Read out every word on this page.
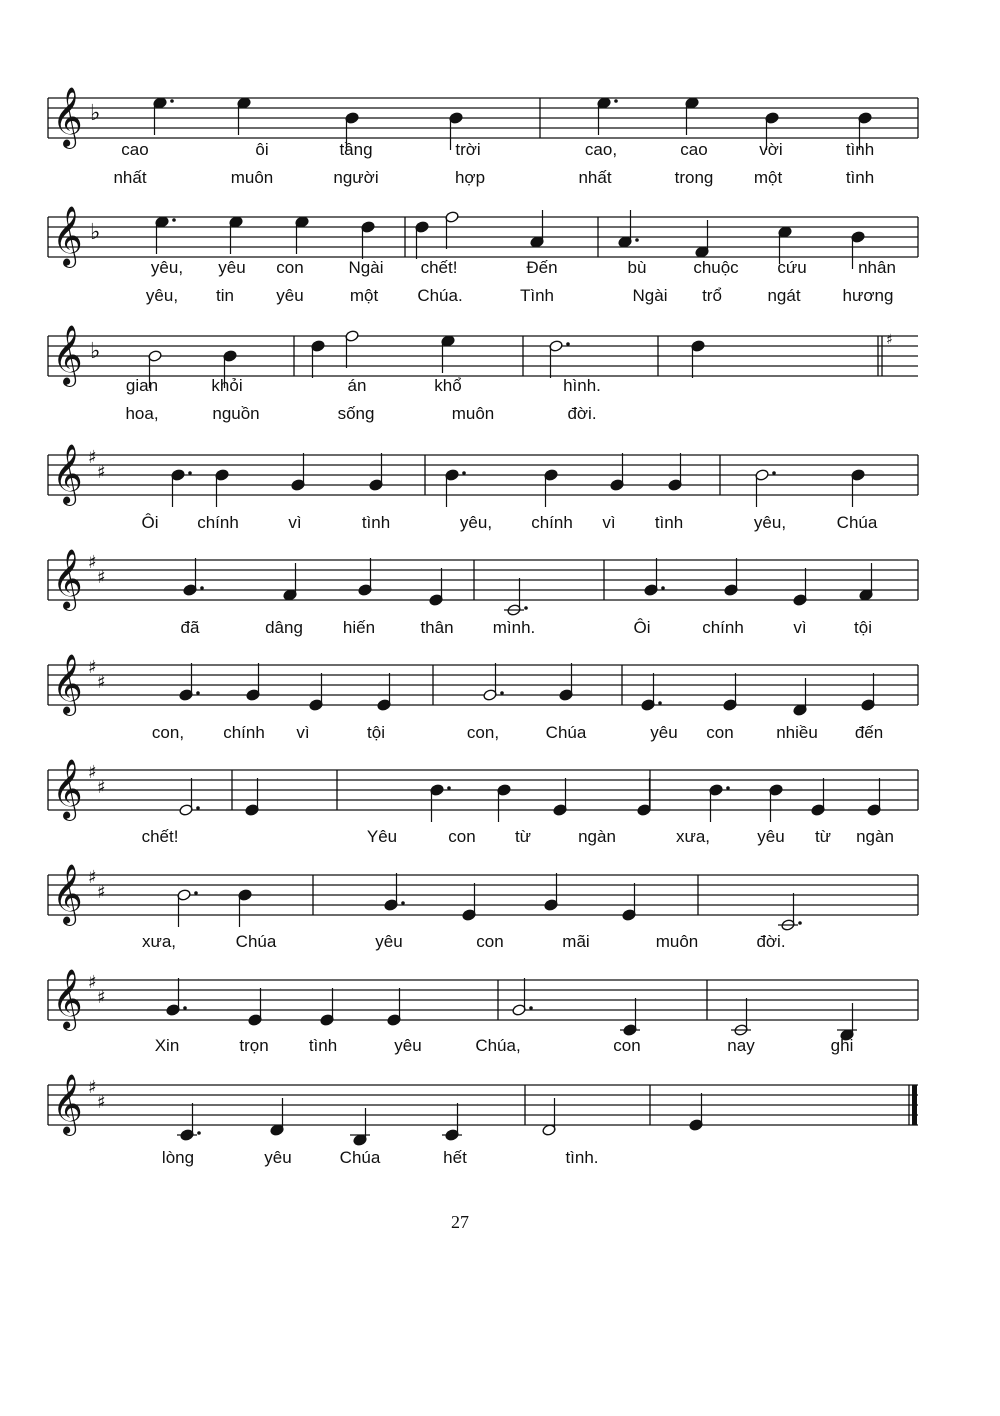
𝄞 ♭
𝄞 ♭
𝄞 ♭	♯
𝄞 ♯
♯
𝄞 ♯
♯
𝄞 ♯
♯
𝄞 ♯
♯
𝄞 ♯
♯
𝄞 ♯
♯
𝄞 ♯
♯
cao	ôi	tầng	trời	cao,	cao	vời	tình
nhất	muôn	người	hợp	nhất	trong một	tình
yêu, yêu con	Ngài chết!	Đến	bù	chuộc cứu	nhân
yêu, tin yêu	một Chúa.	Tình	Ngài trổ	ngát hương
gian	khỏi	án	khổ	hình.
hoa,	nguồn	sống	muôn	đời.
Ôi chính	vì	tình	yêu, chính vì tình	yêu,	Chúa
đã	dâng hiến	thân mình.	Ôi	chính	vì	tội
con, chính vì	tội	con,	Chúa	yêu con nhiều đến
chết!	Yêu	con từ	ngàn	xưa,	yêu từ ngàn
xưa,	Chúa	yêu	con	mãi	muôn	đời.
Xin	trọn tình	yêu	Chúa,	con	nay	ghi
lòng	yêu	Chúa	hết	tình.
27
